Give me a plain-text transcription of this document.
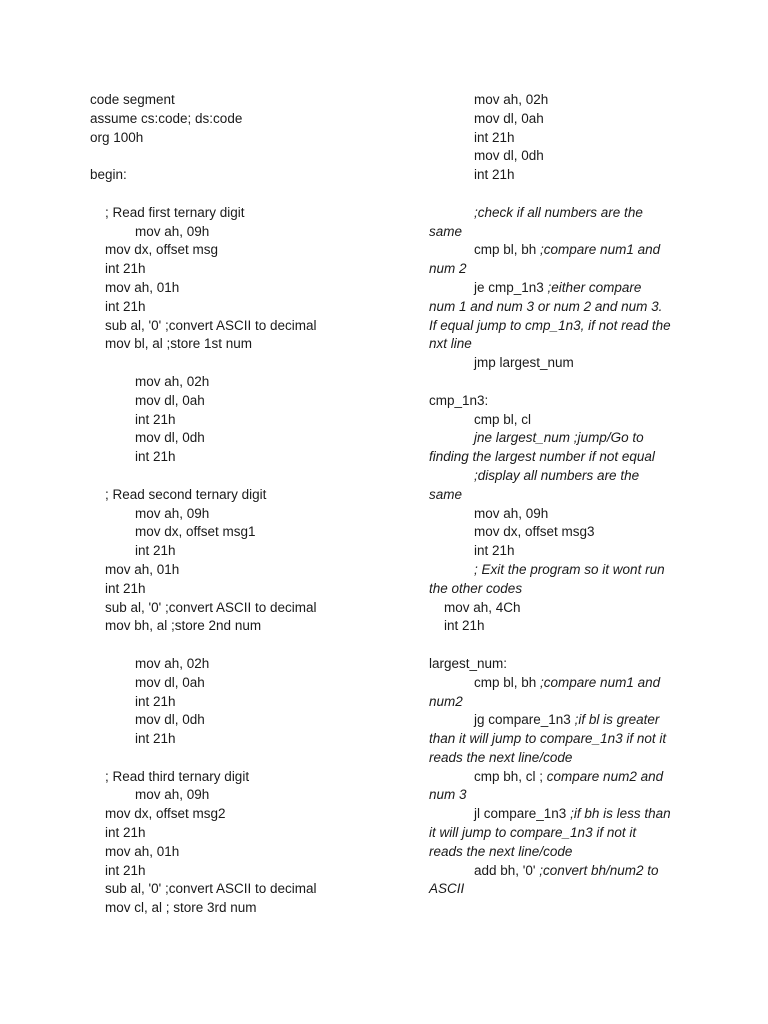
code segment
assume cs:code; ds:code
org 100h
begin:
; Read first ternary digit
mov ah, 09h
mov dx, offset msg
int 21h
mov ah, 01h
int 21h
sub al, '0' ;convert ASCII to decimal
mov bl, al ;store 1st num
mov ah, 02h
mov dl, 0ah
int 21h
mov dl, 0dh
int 21h
; Read second ternary digit
mov ah, 09h
mov dx, offset msg1
int 21h
mov ah, 01h
int 21h
sub al, '0' ;convert ASCII to decimal
mov bh, al ;store 2nd num
mov ah, 02h
mov dl, 0ah
int 21h
mov dl, 0dh
int 21h
; Read third ternary digit
mov ah, 09h
mov dx, offset msg2
int 21h
mov ah, 01h
int 21h
sub al, '0' ;convert ASCII to decimal
mov cl, al ; store 3rd num
mov ah, 02h
mov dl, 0ah
int 21h
mov dl, 0dh
int 21h
;check if all numbers are the
same
cmp bl, bh ;compare num1 and
num 2
je cmp_1n3 ;either compare
num 1 and num 3 or num 2 and num 3.
If equal jump to cmp_1n3, if not read the
nxt line
jmp largest_num
cmp_1n3:
cmp bl, cl
jne largest_num ;jump/Go to
finding the largest number if not equal
;display all numbers are the
same
mov ah, 09h
mov dx, offset msg3
int 21h
; Exit the program so it wont run
the other codes
mov ah, 4Ch
int 21h
largest_num:
cmp bl, bh ;compare num1 and
num2
jg compare_1n3 ;if bl is greater
than it will jump to compare_1n3 if not it
reads the next line/code
cmp bh, cl ; compare num2 and
num 3
jl compare_1n3 ;if bh is less than
it will jump to compare_1n3 if not it
reads the next line/code
add bh, '0' ;convert bh/num2 to
ASCII
